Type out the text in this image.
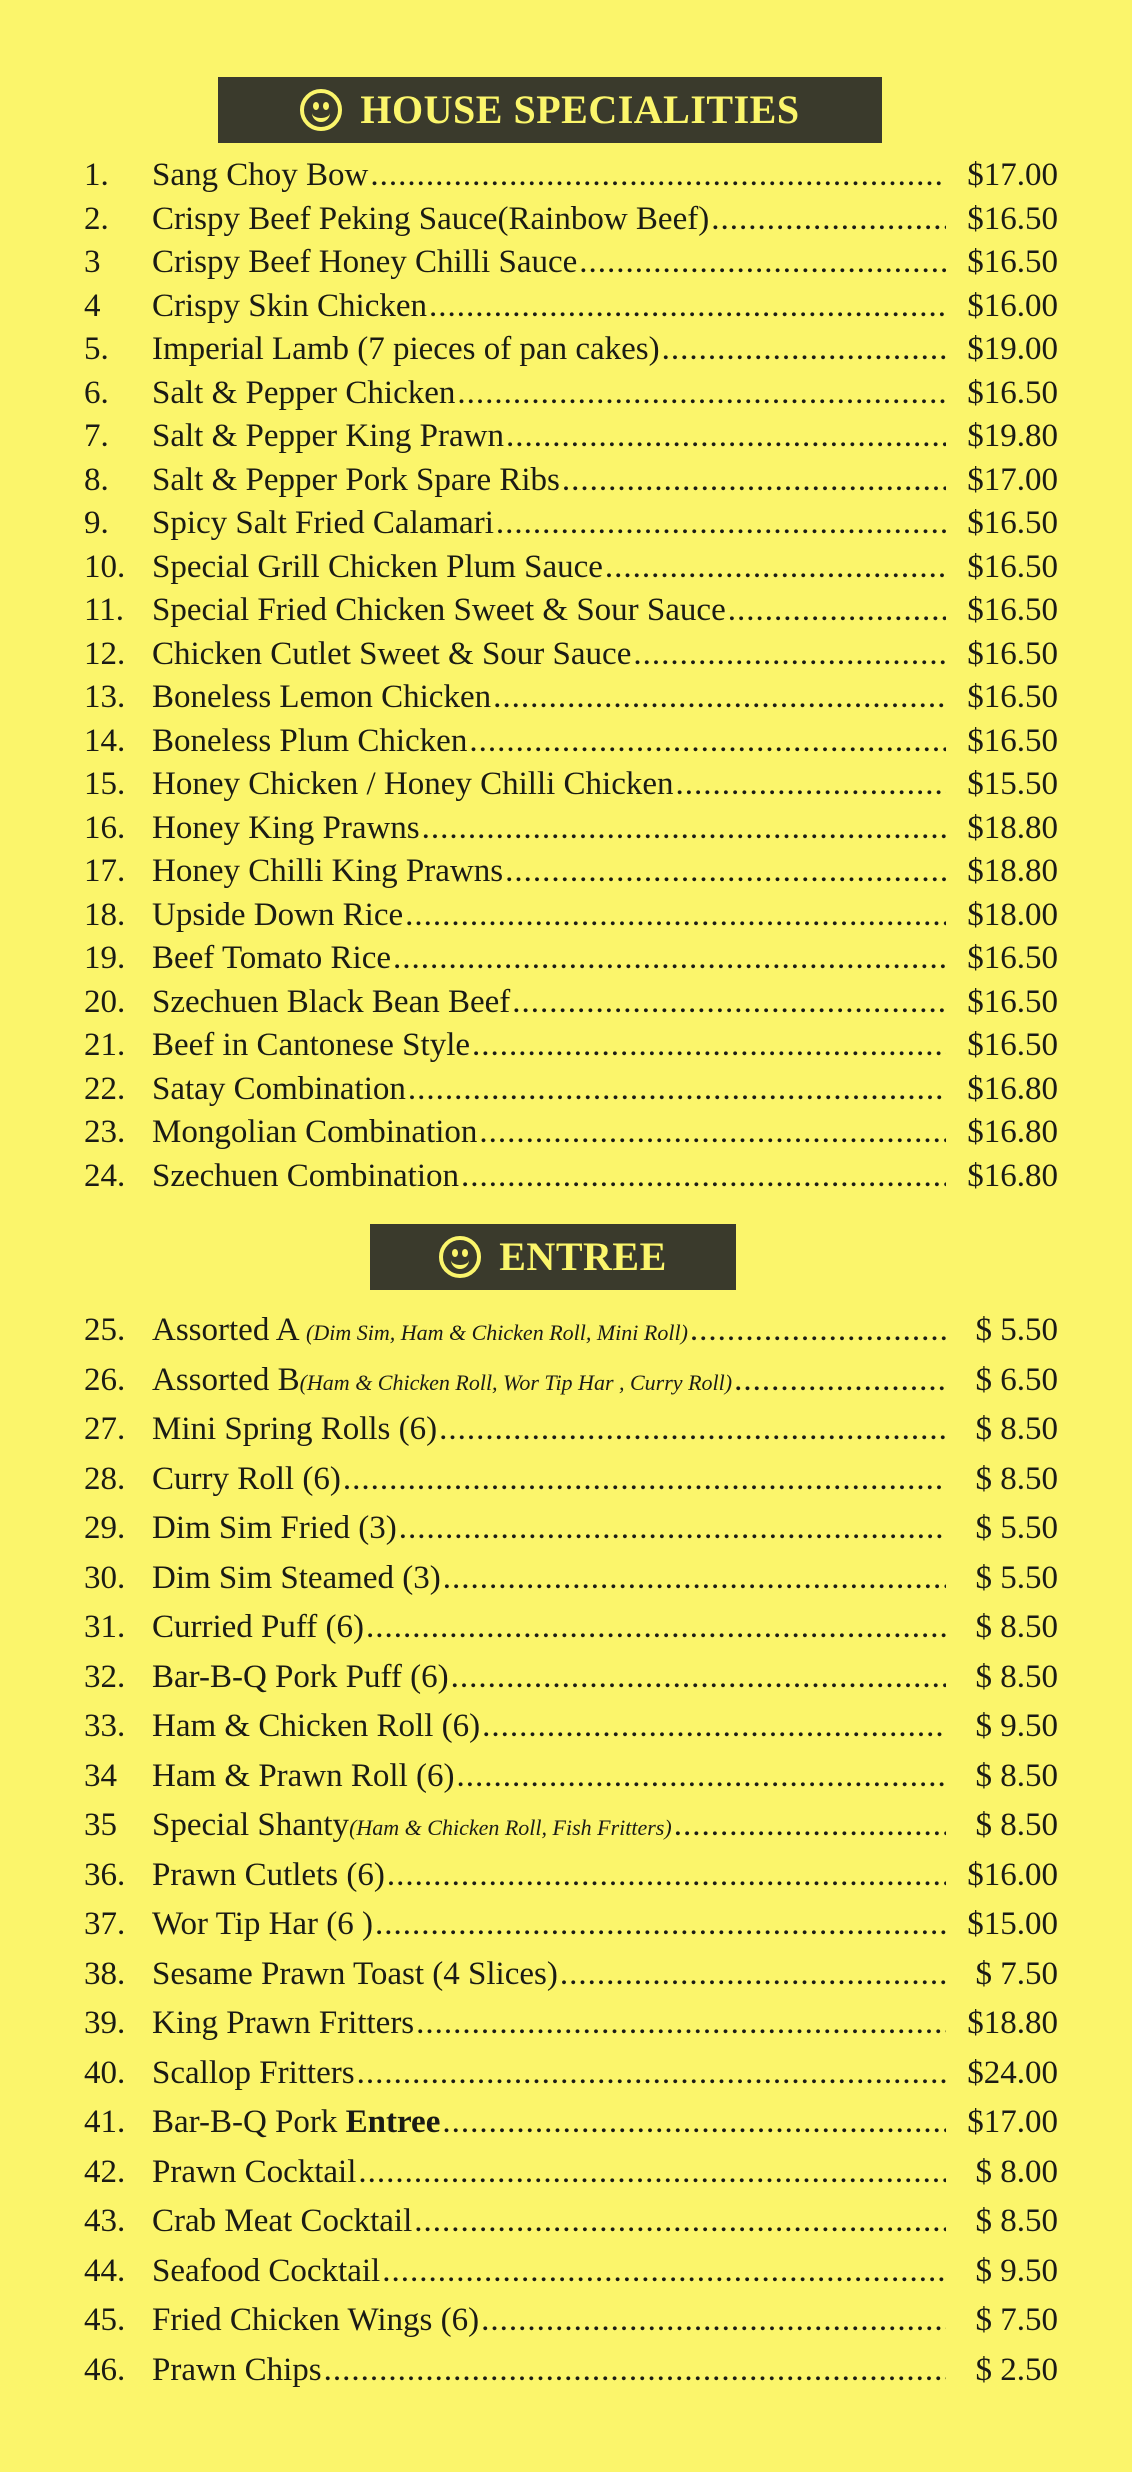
HOUSE SPECIALITIES
1. Sang Choy Bow .....	$17.00
2. Crispy Beef Peking Sauce(Rainbow Beef) .....	$16.50
3 Crispy Beef Honey Chilli Sauce .....	$16.50
4 Crispy Skin Chicken .....	$16.00
5. Imperial Lamb (7 pieces of pan cakes) .....	$19.00
6. Salt & Pepper Chicken .....	$16.50
7. Salt & Pepper King Prawn .....	$19.80
8. Salt & Pepper Pork Spare Ribs .....	$17.00
9. Spicy Salt Fried Calamari .....	$16.50
10. Special Grill Chicken Plum Sauce .....	$16.50
11. Special Fried Chicken Sweet & Sour Sauce .....	$16.50
12. Chicken Cutlet Sweet & Sour Sauce .....	$16.50
13. Boneless Lemon Chicken .....	$16.50
14. Boneless Plum Chicken .....	$16.50
15. Honey Chicken / Honey Chilli Chicken .....	$15.50
16. Honey King Prawns .....	$18.80
17. Honey Chilli King Prawns .....	$18.80
18. Upside Down Rice .....	$18.00
19. Beef Tomato Rice .....	$16.50
20. Szechuen Black Bean Beef .....	$16.50
21. Beef in Cantonese Style .....	$16.50
22. Satay Combination .....	$16.80
23. Mongolian Combination .....	$16.80
24. Szechuen Combination .....	$16.80
ENTREE
25. Assorted A (Dim Sim, Ham & Chicken Roll, Mini Roll) .....	$ 5.50
26. Assorted B(Ham & Chicken Roll, Wor Tip Har , Curry Roll) .....	$ 6.50
27. Mini Spring Rolls (6) .....	$ 8.50
28. Curry Roll (6) .....	$ 8.50
29. Dim Sim Fried (3) .....	$ 5.50
30. Dim Sim Steamed (3) .....	$ 5.50
31. Curried Puff (6) .....	$ 8.50
32. Bar-B-Q Pork Puff (6) .....	$ 8.50
33. Ham & Chicken Roll (6) .....	$ 9.50
34 Ham & Prawn Roll (6) .....	$ 8.50
35 Special Shanty(Ham & Chicken Roll, Fish Fritters) .....	$ 8.50
36. Prawn Cutlets (6) .....	$16.00
37. Wor Tip Har (6 ) .....	$15.00
38. Sesame Prawn Toast (4 Slices) .....	$ 7.50
39. King Prawn Fritters .....	$18.80
40. Scallop Fritters .....	$24.00
41. Bar-B-Q Pork Entree .....	$17.00
42. Prawn Cocktail .....	$ 8.00
43. Crab Meat Cocktail .....	$ 8.50
44. Seafood Cocktail .....	$ 9.50
45. Fried Chicken Wings (6) .....	$ 7.50
46. Prawn Chips .....	$ 2.50
